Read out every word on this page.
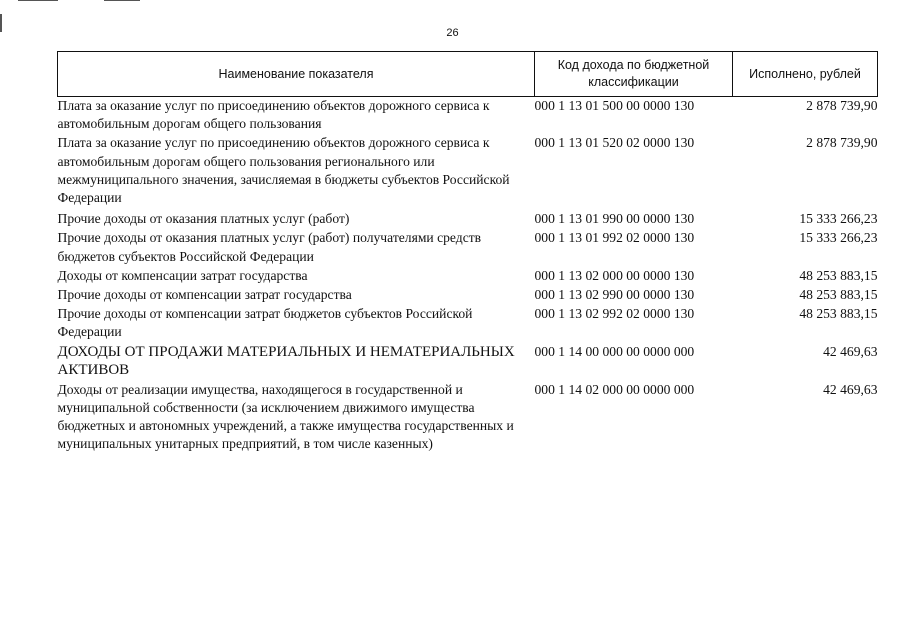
26
Наименование показателя	Код дохода по бюджетной классификации	Исполнено, рублей
Плата за оказание услуг по присоединению объектов дорожного сервиса к автомобильным дорогам общего пользования	000 1 13 01 500 00 0000 130	2 878 739,90
Плата за оказание услуг по присоединению объектов дорожного сервиса к автомобильным дорогам общего пользования регионального или межмуниципального значения, зачисляемая в бюджеты субъектов Российской Федерации	000 1 13 01 520 02 0000 130	2 878 739,90
Прочие доходы от оказания платных услуг (работ)	000 1 13 01 990 00 0000 130	15 333 266,23
Прочие доходы от оказания платных услуг (работ) получателями средств бюджетов субъектов Российской Федерации	000 1 13 01 992 02 0000 130	15 333 266,23
Доходы от компенсации затрат государства	000 1 13 02 000 00 0000 130	48 253 883,15
Прочие доходы от компенсации затрат государства	000 1 13 02 990 00 0000 130	48 253 883,15
Прочие доходы от компенсации затрат бюджетов субъектов Российской Федерации	000 1 13 02 992 02 0000 130	48 253 883,15
ДОХОДЫ ОТ ПРОДАЖИ МАТЕРИАЛЬНЫХ И НЕМАТЕРИАЛЬНЫХ АКТИВОВ	000 1 14 00 000 00 0000 000	42 469,63
Доходы от реализации имущества, находящегося в государственной и муниципальной собственности (за исключением движимого имущества бюджетных и автономных учреждений, а также имущества государственных и муниципальных унитарных предприятий, в том числе казенных)	000 1 14 02 000 00 0000 000	42 469,63
